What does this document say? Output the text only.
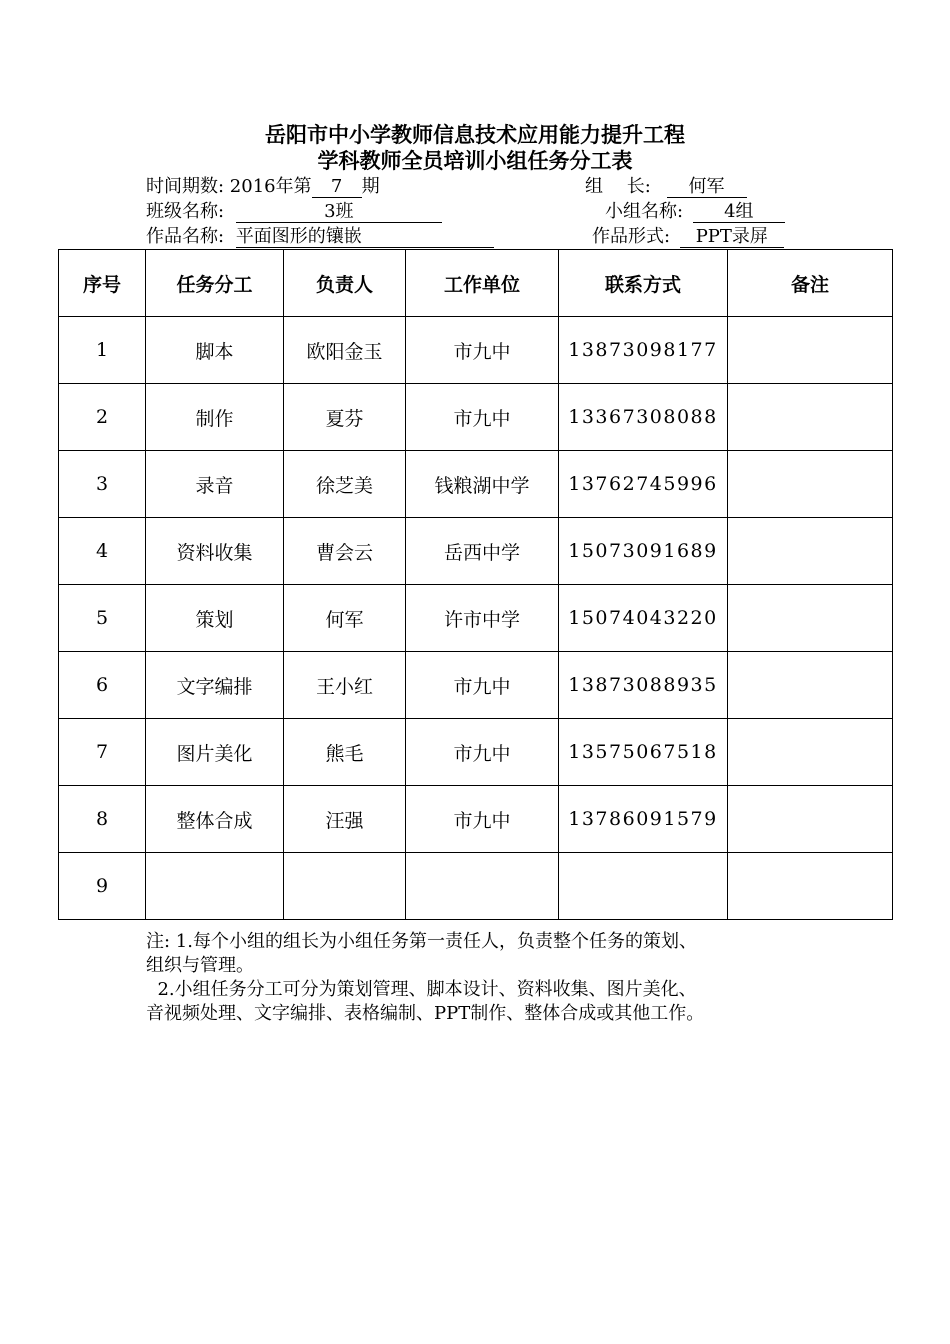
岳阳市中小学教师信息技术应用能力提升工程
学科教师全员培训小组任务分工表
时间期数: 2016年第 7 期	组　 长: 何军
班级名称:	3班	小组名称: 4组
作品名称: 平面图形的镶嵌	作品形式: PPT录屏
序号	任务分工	负责人	工作单位	联系方式	备注
1	脚本	欧阳金玉	市九中	13873098177	
2	制作	夏芬	市九中	13367308088	
3	录音	徐芝美	钱粮湖中学	13762745996	
4	资料收集	曹会云	岳西中学	15073091689	
5	策划	何军	许市中学	15074043220	
6	文字编排	王小红	市九中	13873088935	
7	图片美化	熊毛	市九中	13575067518	
8	整体合成	汪强	市九中	13786091579	
9					
注: 1.每个小组的组长为小组任务第一责任人，负责整个任务的策划、
组织与管理。
2.小组任务分工可分为策划管理、脚本设计、资料收集、图片美化、
音视频处理、文字编排、表格编制、PPT制作、整体合成或其他工作。
